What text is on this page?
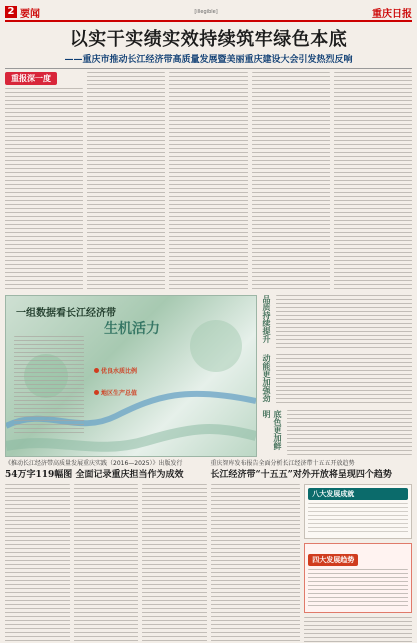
2 要闻	[illegible]	重庆日报
以实干实绩实效持续筑牢绿色本底
——重庆市推动长江经济带高质量发展暨美丽重庆建设大会引发热烈反响
重报深一度
一组数据看长江经济带
生机活力
优良水质比例
地区生产总值
品质持续提升
动能更加强劲
底色更加鲜明
《推动长江经济带高质量发展重庆实践（2016—2025）》出版发行
54万字119幅图 全面记录重庆担当作为成效
重庆智库发布报告全面分析长江经济带十五五开放趋势
长江经济带“十五五”对外开放将呈现四个趋势
八大发展成就
四大发展趋势
